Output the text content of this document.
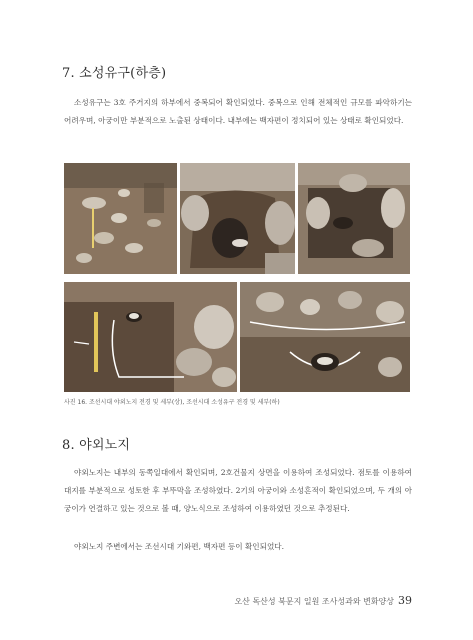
7. 소성유구(하층)
소성유구는 3호 주거지의 하부에서 중복되어 확인되었다. 중복으로 인해 전체적인 규모를 파악하기는 어려우며, 아궁이만 부분적으로 노출된 상태이다. 내부에는 백자편이 정치되어 있는 상태로 확인되었다.
사진 16. 조선시대 야외노지 전경 및 세부(상), 조선시대 소성유구 전경 및 세부(하)
8. 야외노지
야외노지는 내부의 동쪽일대에서 확인되며, 2호건물지 상면을 이용하여 조성되었다. 점토를 이용하여 대지를 부분적으로 성토한 후 부뚜막을 조성하였다. 2기의 아궁이와 소성흔적이 확인되었으며, 두 개의 아궁이가 연결하고 있는 것으로 볼 때, 양노식으로 조성하여 이용하였던 것으로 추정된다.
야외노지 주변에서는 조선시대 기와편, 백자편 등이 확인되었다.
오산 독산성 북문지 일원 조사성과와 변화양상 39
